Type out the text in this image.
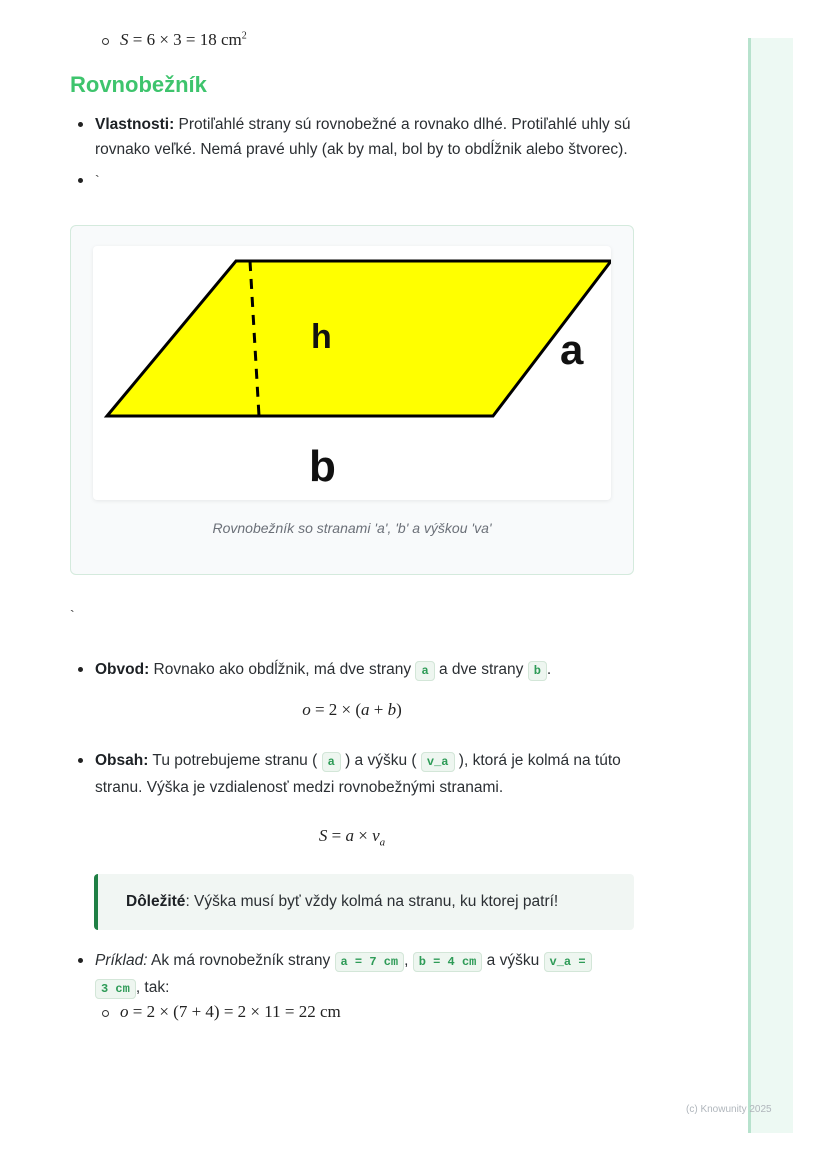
S = 6 × 3 = 18 $cm^2$
Rovnobežník
Vlastnosti: Protiľahlé strany sú rovnobežné a rovnako dlhé. Protiľahlé uhly sú rovnako veľké. Nemá pravé uhly (ak by mal, bol by to obdĺžnik alebo štvorec).
`
h	a
b
Rovnobežník so stranami 'a', 'b' a výškou 'va'
`
Obvod: Rovnako ako obdĺžnik, má dve strany a a dve strany b .
o = 2 × (a + b)
Obsah: Tu potrebujeme stranu ( a ) a výšku ( v_a ), ktorá je kolmá na túto stranu. Výška je vzdialenosť medzi rovnobežnými stranami.
$S = a \times v_a$
Dôležité: Výška musí byť vždy kolmá na stranu, ku ktorej patrí!
Príklad: Ak má rovnobežník strany a = 7 cm , b = 4 cm a výšku v_a =
3 cm , tak:
o = 2 × (7 + 4) = 2 × 11 = 22 cm
(c) Knowunity 2025
